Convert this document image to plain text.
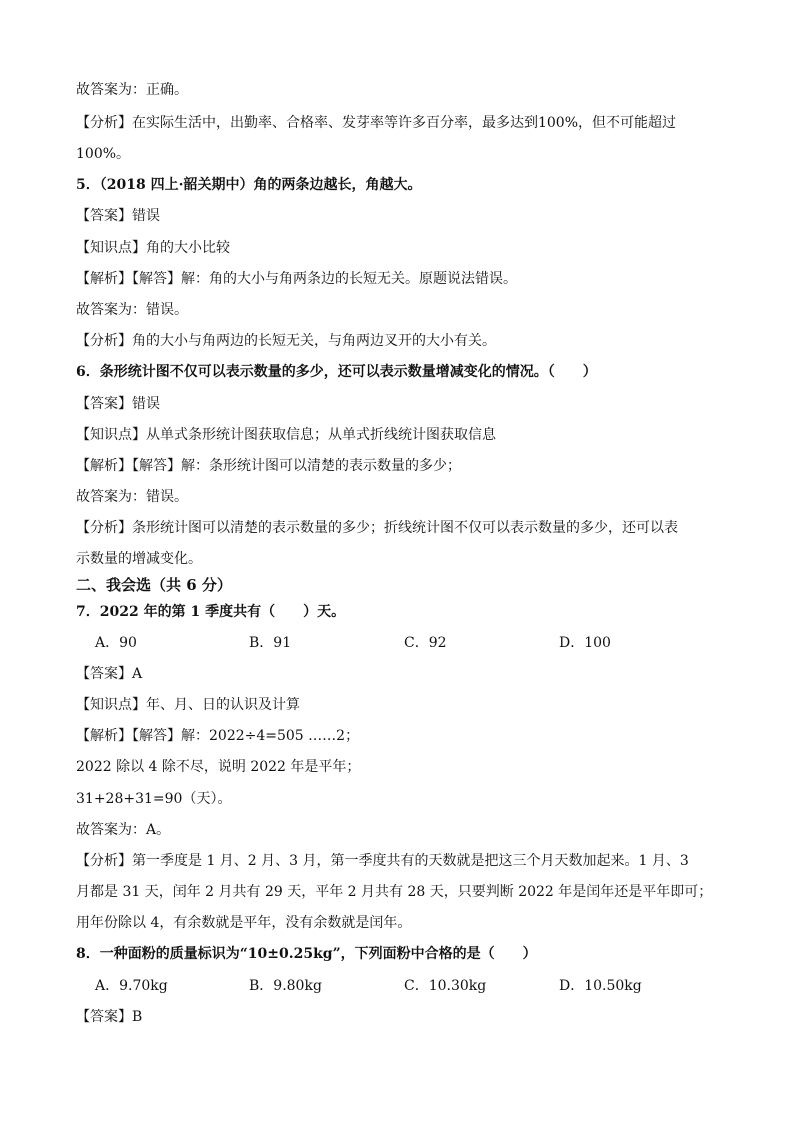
故答案为：正确。
【分析】在实际生活中，出勤率、合格率、发芽率等许多百分率，最多达到100%，但不可能超过
100%。
5．（2018 四上·韶关期中）角的两条边越长，角越大。
【答案】错误
【知识点】角的大小比较
【解析】【解答】解：角的大小与角两条边的长短无关。原题说法错误。
故答案为：错误。
【分析】角的大小与角两边的长短无关，与角两边叉开的大小有关。
6．条形统计图不仅可以表示数量的多少，还可以表示数量增减变化的情况。（　　）
【答案】错误
【知识点】从单式条形统计图获取信息；从单式折线统计图获取信息
【解析】【解答】解：条形统计图可以清楚的表示数量的多少；
故答案为：错误。
【分析】条形统计图可以清楚的表示数量的多少；折线统计图不仅可以表示数量的多少，还可以表
示数量的增减变化。
二、我会选（共 6 分）
7．2022 年的第 1 季度共有（　　）天。
A．90	B．91	C．92	D．100
【答案】A
【知识点】年、月、日的认识及计算
【解析】【解答】解：2022÷4=505 ……2；
2022 除以 4 除不尽，说明 2022 年是平年；
31+28+31=90（天）。
故答案为：A。
【分析】第一季度是 1 月、2 月、3 月，第一季度共有的天数就是把这三个月天数加起来。1 月、3
月都是 31 天，闰年 2 月共有 29 天，平年 2 月共有 28 天，只要判断 2022 年是闰年还是平年即可；
用年份除以 4，有余数就是平年，没有余数就是闰年。
8．一种面粉的质量标识为“10±0.25kg”，下列面粉中合格的是（　　）
A．9.70kg	B．9.80kg	C．10.30kg	D．10.50kg
【答案】B
